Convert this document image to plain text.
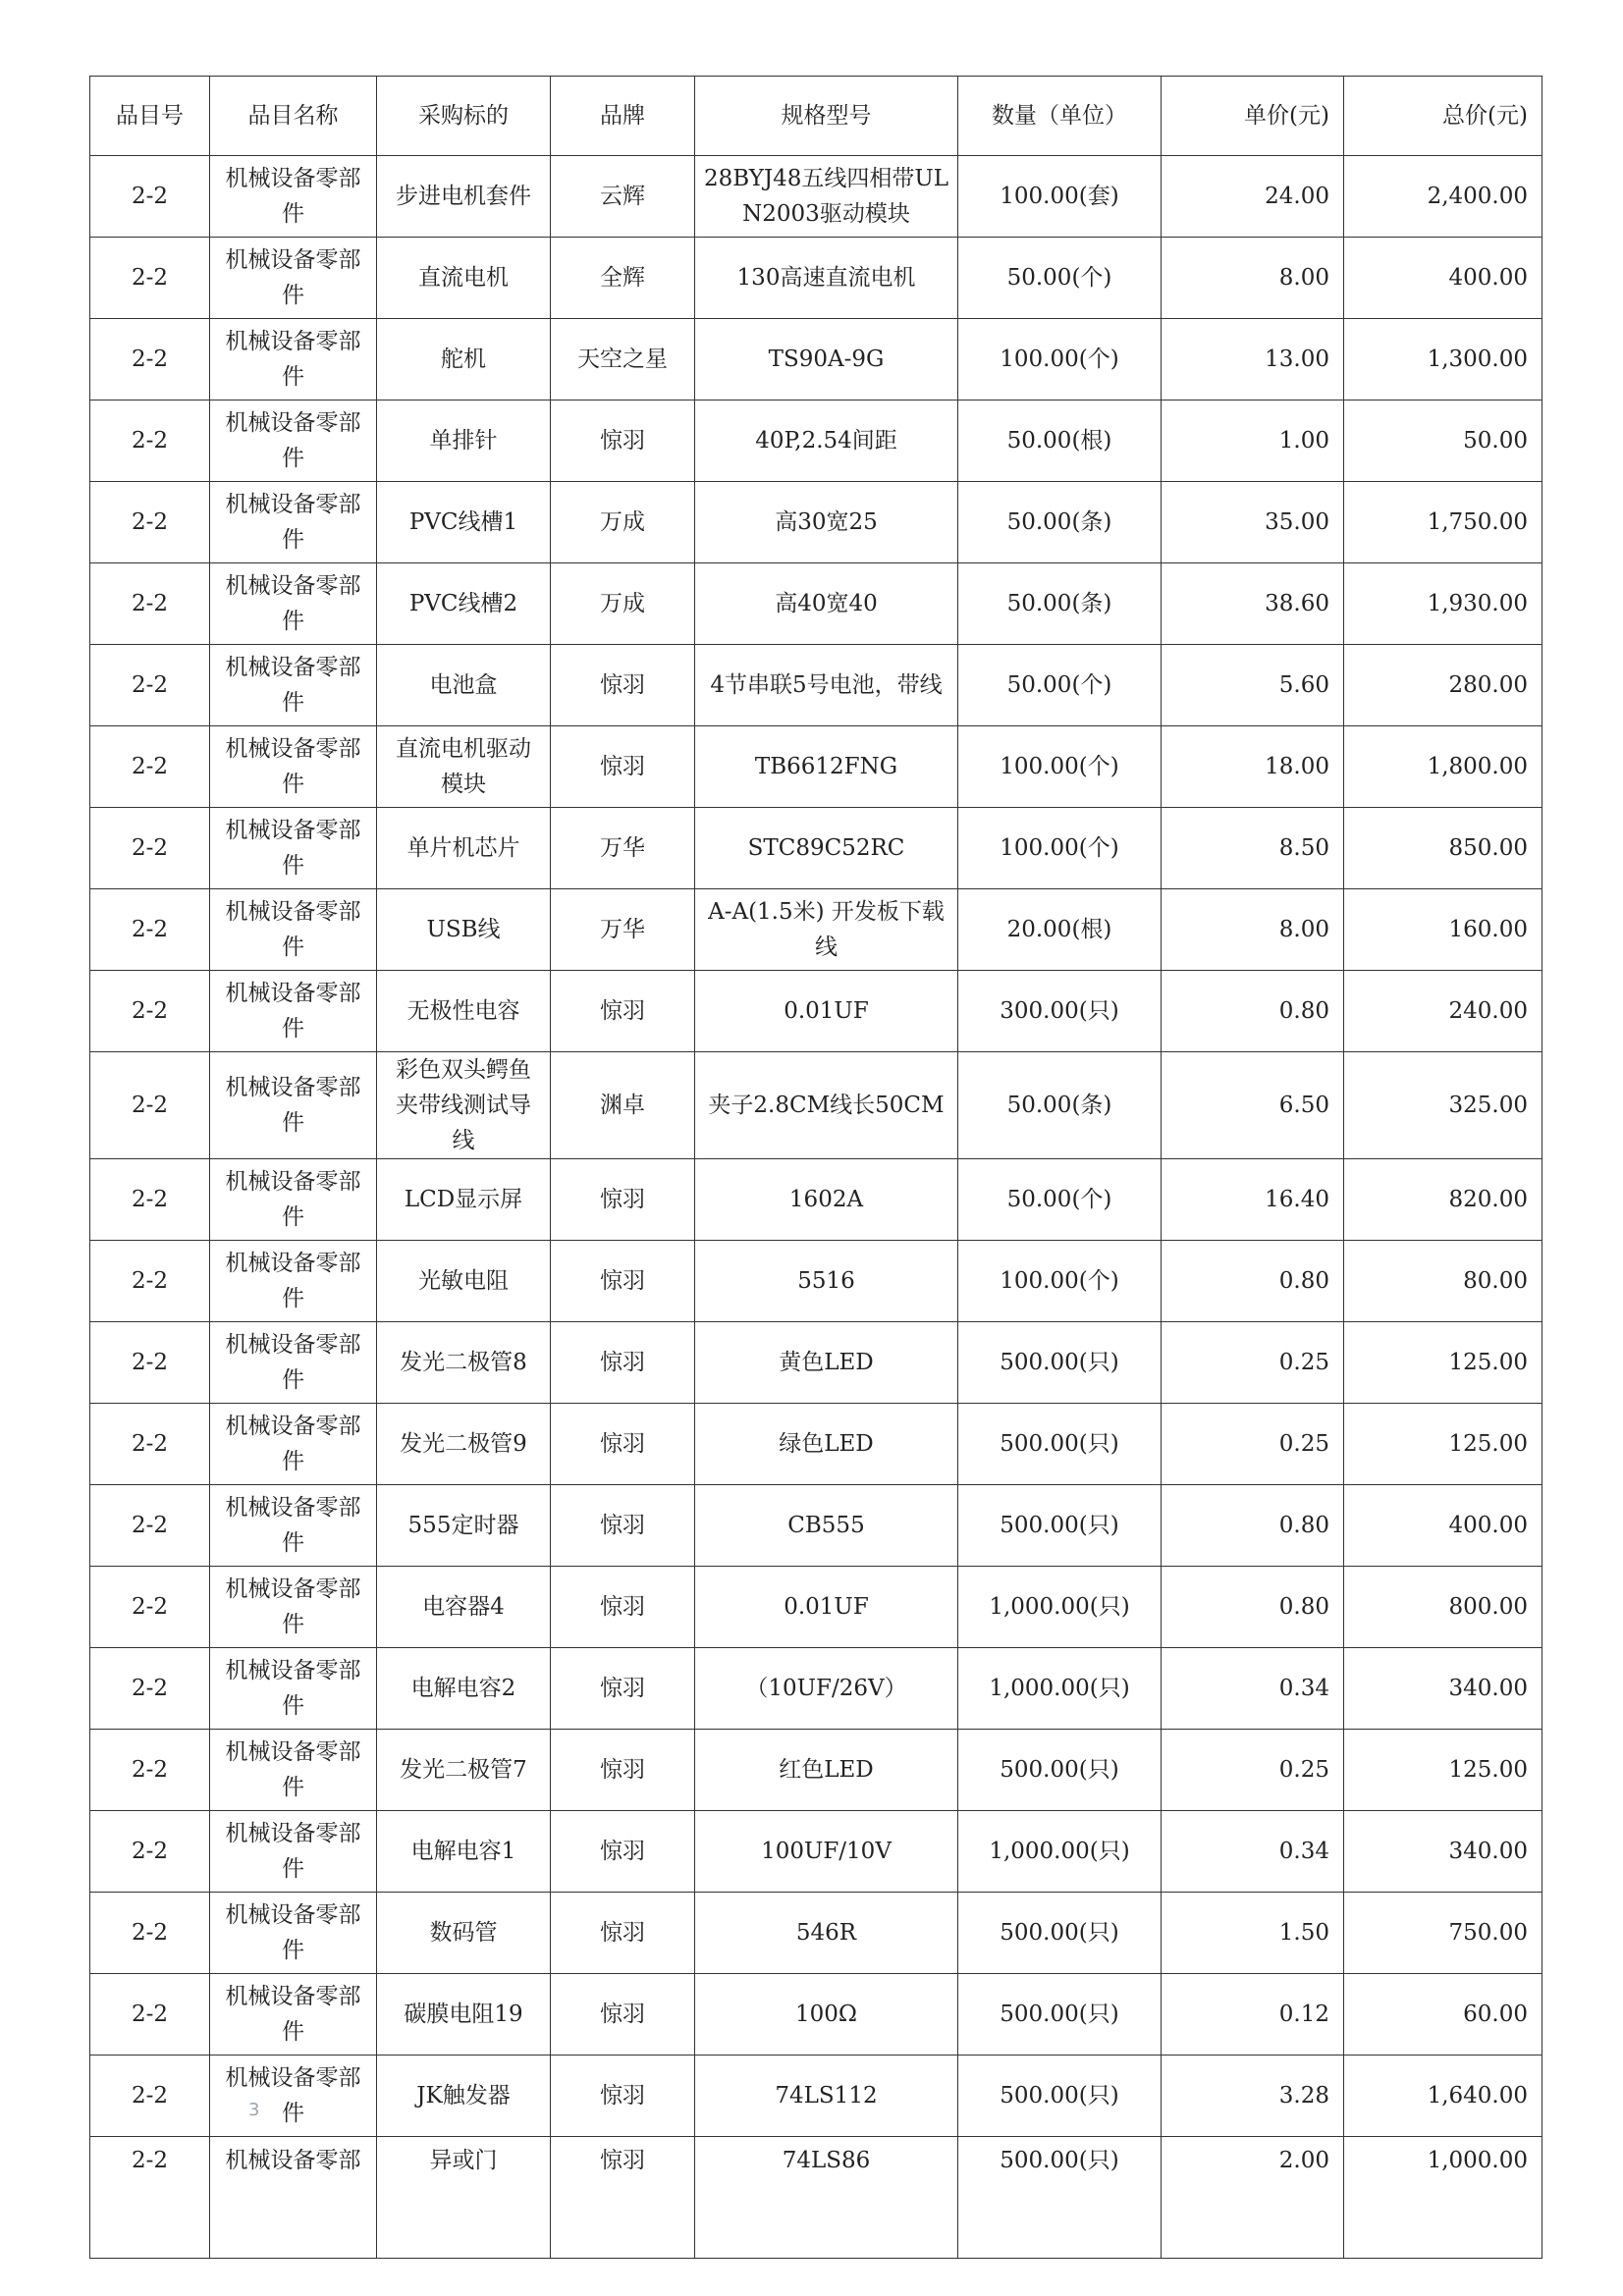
品目号	品目名称	采购标的	品牌	规格型号	数量（单位）	单价(元)	总价(元)
2-2	机械设备零部件	步进电机套件	云辉	28BYJ48五线四相带ULN2003驱动模块	100.00(套)	24.00	2,400.00
2-2	机械设备零部件	直流电机	全辉	130高速直流电机	50.00(个)	8.00	400.00
2-2	机械设备零部件	舵机	天空之星	TS90A-9G	100.00(个)	13.00	1,300.00
2-2	机械设备零部件	单排针	惊羽	40P,2.54间距	50.00(根)	1.00	50.00
2-2	机械设备零部件	PVC线槽1	万成	高30宽25	50.00(条)	35.00	1,750.00
2-2	机械设备零部件	PVC线槽2	万成	高40宽40	50.00(条)	38.60	1,930.00
2-2	机械设备零部件	电池盒	惊羽	4节串联5号电池，带线	50.00(个)	5.60	280.00
2-2	机械设备零部件	直流电机驱动模块	惊羽	TB6612FNG	100.00(个)	18.00	1,800.00
2-2	机械设备零部件	单片机芯片	万华	STC89C52RC	100.00(个)	8.50	850.00
2-2	机械设备零部件	USB线	万华	A-A(1.5米) 开发板下载线	20.00(根)	8.00	160.00
2-2	机械设备零部件	无极性电容	惊羽	0.01UF	300.00(只)	0.80	240.00
2-2	机械设备零部件	彩色双头鳄鱼夹带线测试导线	渊卓	夹子2.8CM线长50CM	50.00(条)	6.50	325.00
2-2	机械设备零部件	LCD显示屏	惊羽	1602A	50.00(个)	16.40	820.00
2-2	机械设备零部件	光敏电阻	惊羽	5516	100.00(个)	0.80	80.00
2-2	机械设备零部件	发光二极管8	惊羽	黄色LED	500.00(只)	0.25	125.00
2-2	机械设备零部件	发光二极管9	惊羽	绿色LED	500.00(只)	0.25	125.00
2-2	机械设备零部件	555定时器	惊羽	CB555	500.00(只)	0.80	400.00
2-2	机械设备零部件	电容器4	惊羽	0.01UF	1,000.00(只)	0.80	800.00
2-2	机械设备零部件	电解电容2	惊羽	（10UF/26V）	1,000.00(只)	0.34	340.00
2-2	机械设备零部件	发光二极管7	惊羽	红色LED	500.00(只)	0.25	125.00
2-2	机械设备零部件	电解电容1	惊羽	100UF/10V	1,000.00(只)	0.34	340.00
2-2	机械设备零部件	数码管	惊羽	546R	500.00(只)	1.50	750.00
2-2	机械设备零部件	碳膜电阻19	惊羽	100Ω	500.00(只)	0.12	60.00
2-2	机械设备零部件	JK触发器	惊羽	74LS112	500.00(只)	3.28	1,640.00
2-2	机械设备零部	异或门	惊羽	74LS86	500.00(只)	2.00	1,000.00
3
